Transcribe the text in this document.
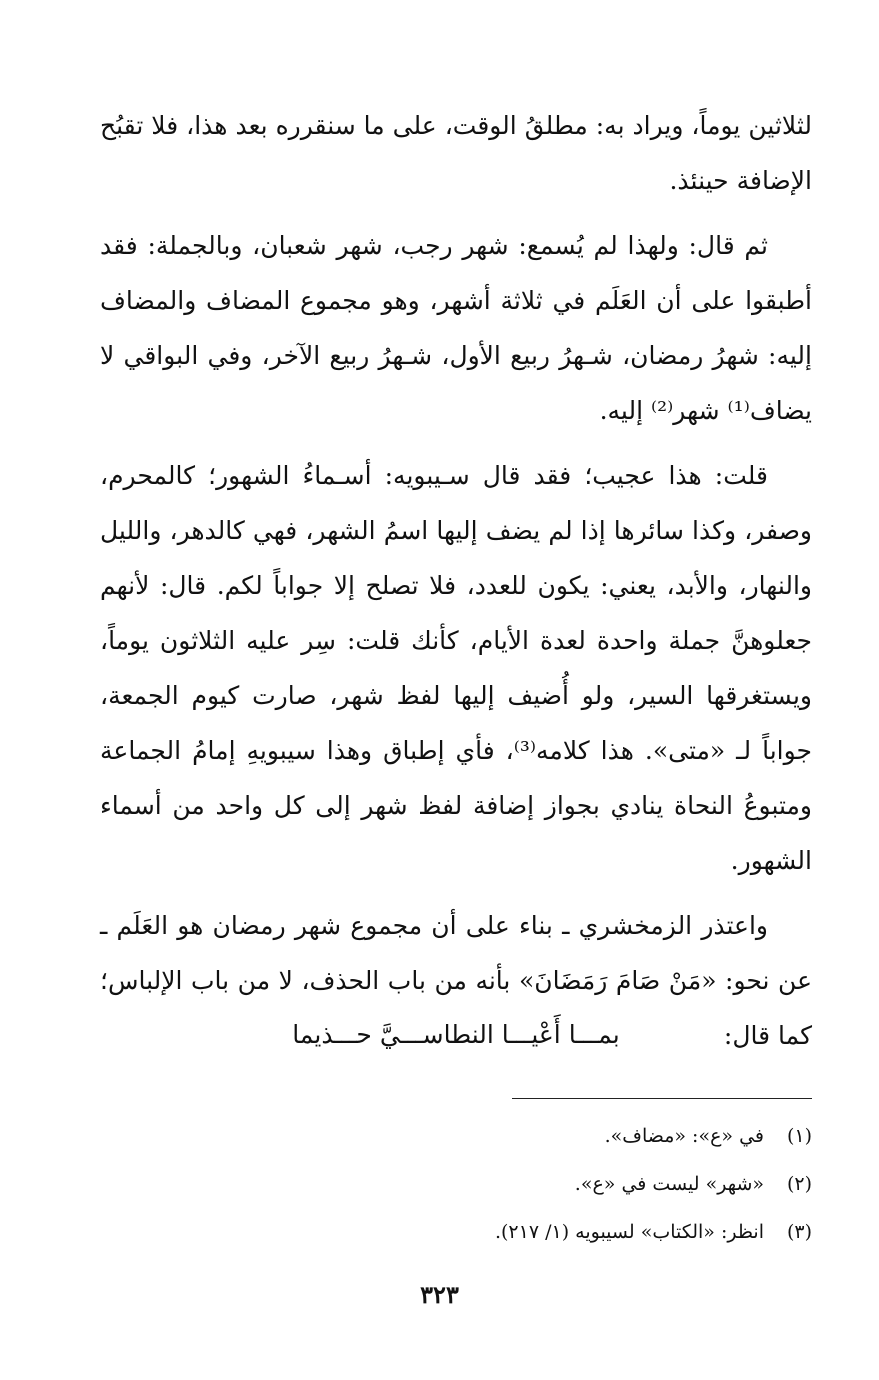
لثلاثين يوماً، ويراد به: مطلقُ الوقت، على ما سنقرره بعد هذا، فلا تقبُح الإضافة حينئذ.

ثم قال: ولهذا لم يُسمع: شهر رجب، شهر شعبان، وبالجملة: فقد أطبقوا على أن العَلَم في ثلاثة أشهر، وهو مجموع المضاف والمضاف إليه: شهرُ رمضان، شـهرُ ربيع الأول، شـهرُ ربيع الآخر، وفي البواقي لا يضاف⁽¹⁾ شهر⁽²⁾ إليه.

قلت: هذا عجيب؛ فقد قال سـيبويه: أسـماءُ الشهور؛ كالمحرم، وصفر، وكذا سائرها إذا لم يضف إليها اسمُ الشهر، فهي كالدهر، والليل والنهار، والأبد، يعني: يكون للعدد، فلا تصلح إلا جواباً لكم. قال: لأنهم جعلوهنَّ جملة واحدة لعدة الأيام، كأنك قلت: سِر عليه الثلاثون يوماً، ويستغرقها السير، ولو أُضيف إليها لفظ شهر، صارت كيوم الجمعة، جواباً لـ «متى». هذا كلامه⁽³⁾، فأي إطباق وهذا سيبويهِ إمامُ الجماعة ومتبوعُ النحاة ينادي بجواز إضافة لفظ شهر إلى كل واحد من أسماء الشهور.

واعتذر الزمخشري ـ بناء على أن مجموع شهر رمضان هو العَلَم ـ عن نحو: «مَنْ صَامَ رَمَضَانَ» بأنه من باب الحذف، لا من باب الإلباس؛ كما قال:

بمـــا أَعْيـــا النطاســـيَّ حـــذيما
(١)
في «ع»: «مضاف».
(٢)
«شهر» ليست في «ع».
(٣)
انظر: «الكتاب» لسيبويه (١/ ٢١٧).
٣٢٣
